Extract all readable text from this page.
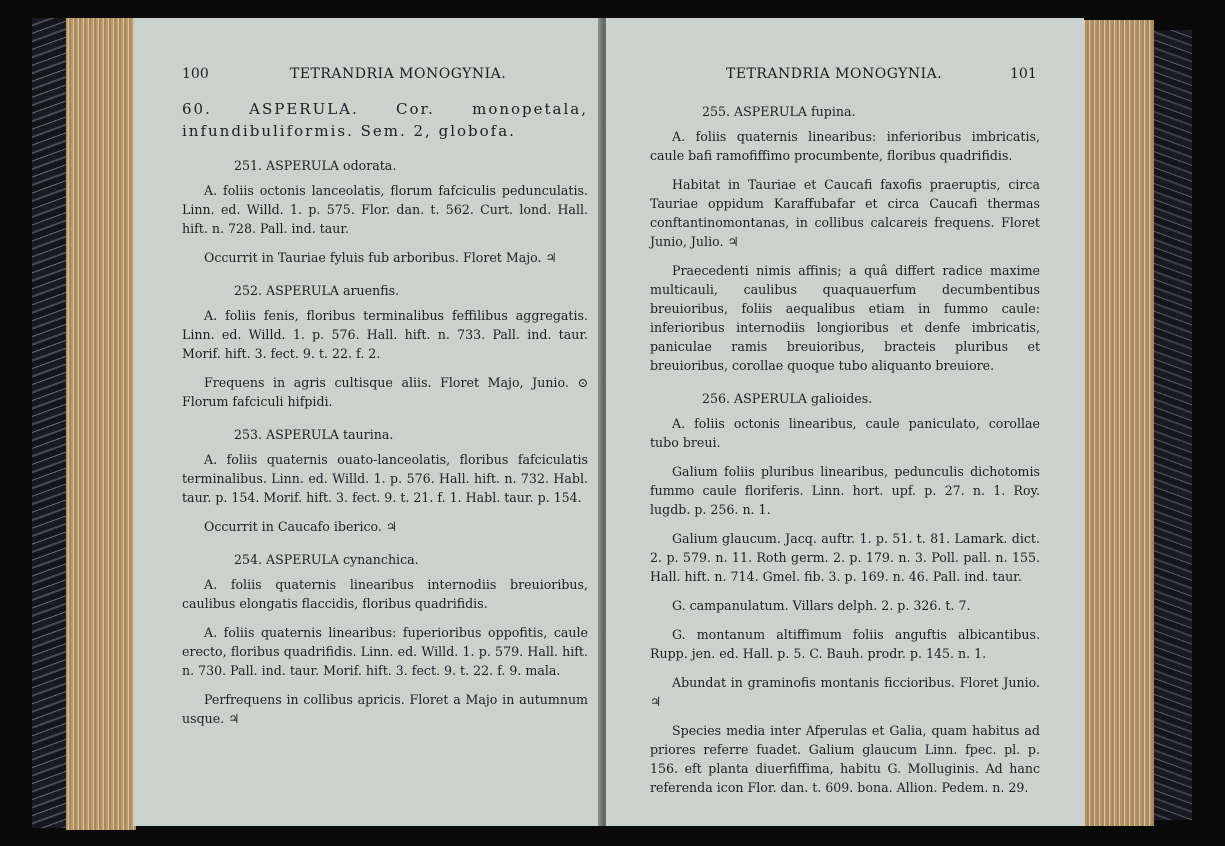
100	TETRANDRIA MONOGYNIA.

60. ASPERULA. Cor. monopetala, infundibuliformis. Sem. 2, globofa.

251. ASPERULA odorata.

A. foliis octonis lanceolatis, florum fafciculis pedunculatis. Linn. ed. Willd. 1. p. 575. Flor. dan. t. 562. Curt. lond. Hall. hift. n. 728. Pall. ind. taur.

Occurrit in Tauriae fyluis fub arboribus. Floret Majo. ♃

252. ASPERULA aruenfis.

A. foliis fenis, floribus terminalibus feffilibus aggregatis. Linn. ed. Willd. 1. p. 576. Hall. hift. n. 733. Pall. ind. taur. Morif. hift. 3. fect. 9. t. 22. f. 2.

Frequens in agris cultisque aliis. Floret Majo, Junio. ⊙ Florum fafciculi hifpidi.

253. ASPERULA taurina.

A. foliis quaternis ouato-lanceolatis, floribus fafciculatis terminalibus. Linn. ed. Willd. 1. p. 576. Hall. hift. n. 732. Habl. taur. p. 154. Morif. hift. 3. fect. 9. t. 21. f. 1. Habl. taur. p. 154.

Occurrit in Caucafo iberico. ♃

254. ASPERULA cynanchica.

A. foliis quaternis linearibus internodiis breuioribus, caulibus elongatis flaccidis, floribus quadrifidis.

A. foliis quaternis linearibus: fuperioribus oppofitis, caule erecto, floribus quadrifidis. Linn. ed. Willd. 1. p. 579. Hall. hift. n. 730. Pall. ind. taur. Morif. hift. 3. fect. 9. t. 22. f. 9. mala.

Perfrequens in collibus apricis. Floret a Majo in autumnum usque. ♃

TETRANDRIA MONOGYNIA.	101

255. ASPERULA fupina.

A. foliis quaternis linearibus: inferioribus imbricatis, caule bafi ramofiffimo procumbente, floribus quadrifidis.

Habitat in Tauriae et Caucafi faxofis praeruptis, circa Tauriae oppidum Karaffubafar et circa Caucafi thermas conftantinomontanas, in collibus calcareis frequens. Floret Junio, Julio. ♃

Praecedenti nimis affinis; a quâ differt radice maxime multicauli, caulibus quaquauerfum decumbentibus breuioribus, foliis aequalibus etiam in fummo caule: inferioribus internodiis longioribus et denfe imbricatis, paniculae ramis breuioribus, bracteis pluribus et breuioribus, corollae quoque tubo aliquanto breuiore.

256. ASPERULA galioides.

A. foliis octonis linearibus, caule paniculato, corollae tubo breui.

Galium foliis pluribus linearibus, pedunculis dichotomis fummo caule floriferis. Linn. hort. upf. p. 27. n. 1. Roy. lugdb. p. 256. n. 1.

Galium glaucum. Jacq. auftr. 1. p. 51. t. 81. Lamark. dict. 2. p. 579. n. 11. Roth germ. 2. p. 179. n. 3. Poll. pall. n. 155. Hall. hift. n. 714. Gmel. fib. 3. p. 169. n. 46. Pall. ind. taur.

G. campanulatum. Villars delph. 2. p. 326. t. 7.

G. montanum altiffimum foliis anguftis albicantibus. Rupp. jen. ed. Hall. p. 5. C. Bauh. prodr. p. 145. n. 1.

Abundat in graminofis montanis ficcioribus. Floret Junio. ♃

Species media inter Afperulas et Galia, quam habitus ad priores referre fuadet. Galium glaucum Linn. fpec. pl. p. 156. eft planta diuerfiffima, habitu G. Molluginis. Ad hanc referenda icon Flor. dan. t. 609. bona. Allion. Pedem. n. 29.
